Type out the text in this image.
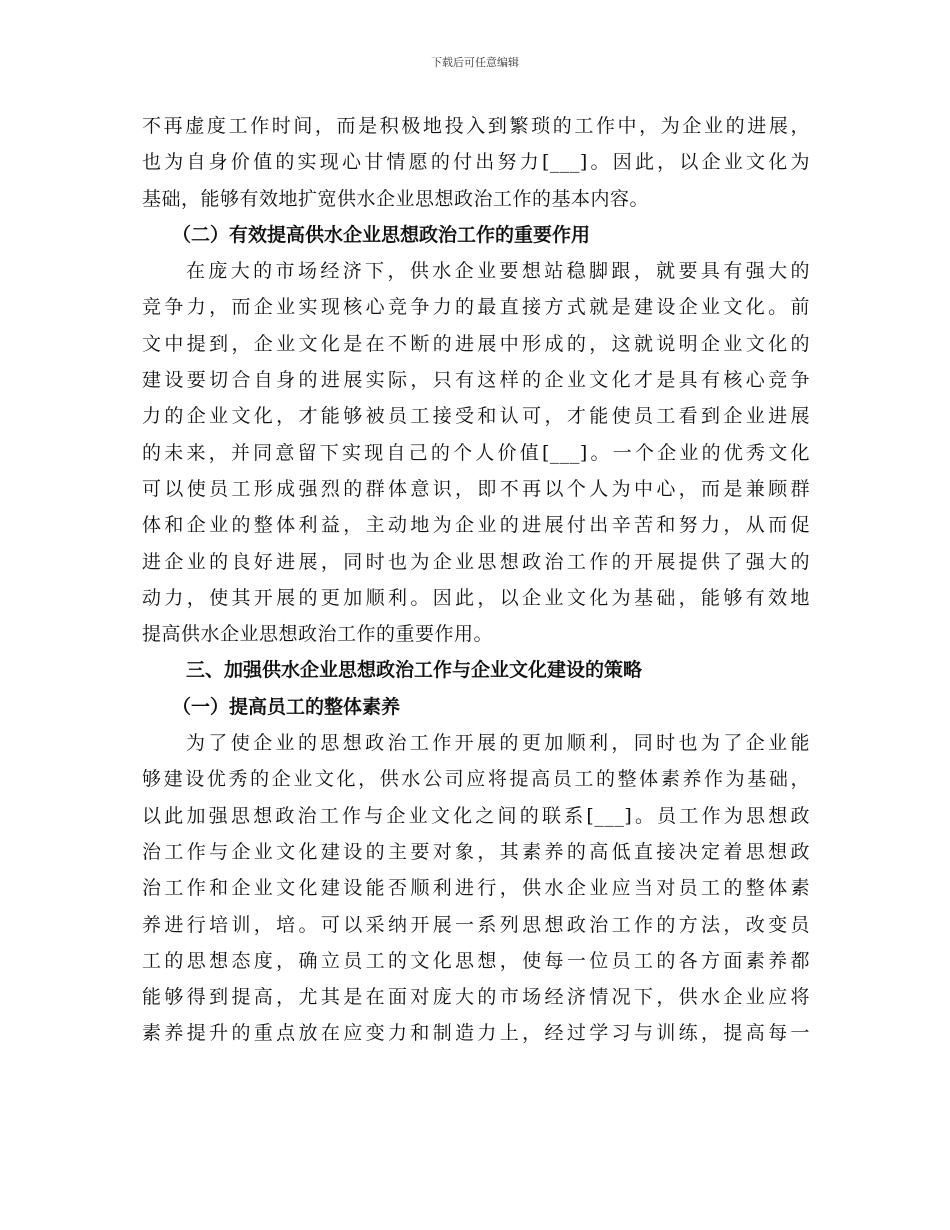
下载后可任意编辑
不再虚度工作时间，而是积极地投入到繁琐的工作中，为企业的进展，
也为自身价值的实现心甘情愿的付出努力[___]。因此，以企业文化为
基础，能够有效地扩宽供水企业思想政治工作的基本内容。
（二）有效提高供水企业思想政治工作的重要作用
在庞大的市场经济下，供水企业要想站稳脚跟，就要具有强大的
竞争力，而企业实现核心竞争力的最直接方式就是建设企业文化。前
文中提到，企业文化是在不断的进展中形成的，这就说明企业文化的
建设要切合自身的进展实际，只有这样的企业文化才是具有核心竞争
力的企业文化，才能够被员工接受和认可，才能使员工看到企业进展
的未来，并同意留下实现自己的个人价值[___]。一个企业的优秀文化
可以使员工形成强烈的群体意识，即不再以个人为中心，而是兼顾群
体和企业的整体利益，主动地为企业的进展付出辛苦和努力，从而促
进企业的良好进展，同时也为企业思想政治工作的开展提供了强大的
动力，使其开展的更加顺利。因此，以企业文化为基础，能够有效地
提高供水企业思想政治工作的重要作用。
三、加强供水企业思想政治工作与企业文化建设的策略
（一）提高员工的整体素养
为了使企业的思想政治工作开展的更加顺利，同时也为了企业能
够建设优秀的企业文化，供水公司应将提高员工的整体素养作为基础，
以此加强思想政治工作与企业文化之间的联系[___]。员工作为思想政
治工作与企业文化建设的主要对象，其素养的高低直接决定着思想政
治工作和企业文化建设能否顺利进行，供水企业应当对员工的整体素
养进行培训，培。可以采纳开展一系列思想政治工作的方法，改变员
工的思想态度，确立员工的文化思想，使每一位员工的各方面素养都
能够得到提高，尤其是在面对庞大的市场经济情况下，供水企业应将
素养提升的重点放在应变力和制造力上，经过学习与训练，提高每一
